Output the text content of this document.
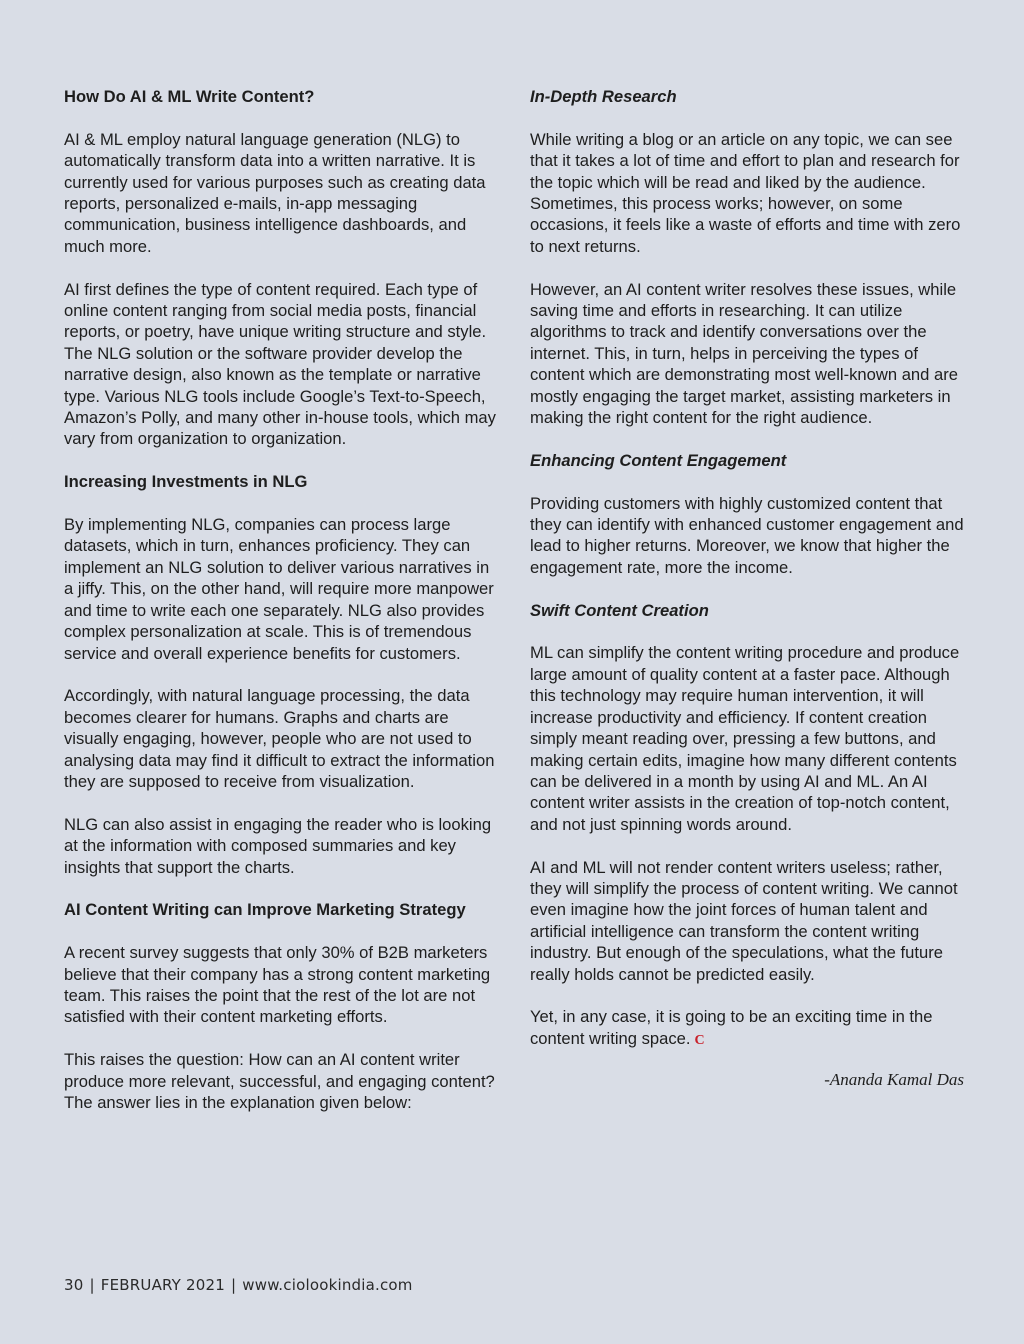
How Do AI & ML Write Content?

AI & ML employ natural language generation (NLG) to automatically transform data into a written narrative. It is currently used for various purposes such as creating data reports, personalized e-mails, in-app messaging communication, business intelligence dashboards, and much more.

AI first defines the type of content required. Each type of online content ranging from social media posts, financial reports, or poetry, have unique writing structure and style. The NLG solution or the software provider develop the narrative design, also known as the template or narrative type. Various NLG tools include Google’s Text-to-Speech, Amazon’s Polly, and many other in-house tools, which may vary from organization to organization.

Increasing Investments in NLG

By implementing NLG, companies can process large datasets, which in turn, enhances proficiency. They can implement an NLG solution to deliver various narratives in a jiffy. This, on the other hand, will require more manpower and time to write each one separately. NLG also provides complex personalization at scale. This is of tremendous service and overall experience benefits for customers.

Accordingly, with natural language processing, the data becomes clearer for humans. Graphs and charts are visually engaging, however, people who are not used to analysing data may find it difficult to extract the information they are supposed to receive from visualization.

NLG can also assist in engaging the reader who is looking at the information with composed summaries and key insights that support the charts.

AI Content Writing can Improve Marketing Strategy

A recent survey suggests that only 30% of B2B marketers believe that their company has a strong content marketing team. This raises the point that the rest of the lot are not satisfied with their content marketing efforts.

This raises the question: How can an AI content writer produce more relevant, successful, and engaging content? The answer lies in the explanation given below:

In-Depth Research

While writing a blog or an article on any topic, we can see that it takes a lot of time and effort to plan and research for the topic which will be read and liked by the audience. Sometimes, this process works; however, on some occasions, it feels like a waste of efforts and time with zero to next returns.

However, an AI content writer resolves these issues, while saving time and efforts in researching. It can utilize algorithms to track and identify conversations over the internet. This, in turn, helps in perceiving the types of content which are demonstrating most well-known and are mostly engaging the target market, assisting marketers in making the right content for the right audience.

Enhancing Content Engagement

Providing customers with highly customized content that they can identify with enhanced customer engagement and lead to higher returns. Moreover, we know that higher the engagement rate, more the income.

Swift Content Creation

ML can simplify the content writing procedure and produce large amount of quality content at a faster pace. Although this technology may require human intervention, it will increase productivity and efficiency. If content creation simply meant reading over, pressing a few buttons, and making certain edits, imagine how many different contents can be delivered in a month by using AI and ML. An AI content writer assists in the creation of top-notch content, and not just spinning words around.

AI and ML will not render content writers useless; rather, they will simplify the process of content writing. We cannot even imagine how the joint forces of human talent and artificial intelligence can transform the content writing industry. But enough of the speculations, what the future really holds cannot be predicted easily.

Yet, in any case, it is going to be an exciting time in the content writing space. C

-Ananda Kamal Das
30 | FEBRUARY 2021 | www.ciolookindia.com
